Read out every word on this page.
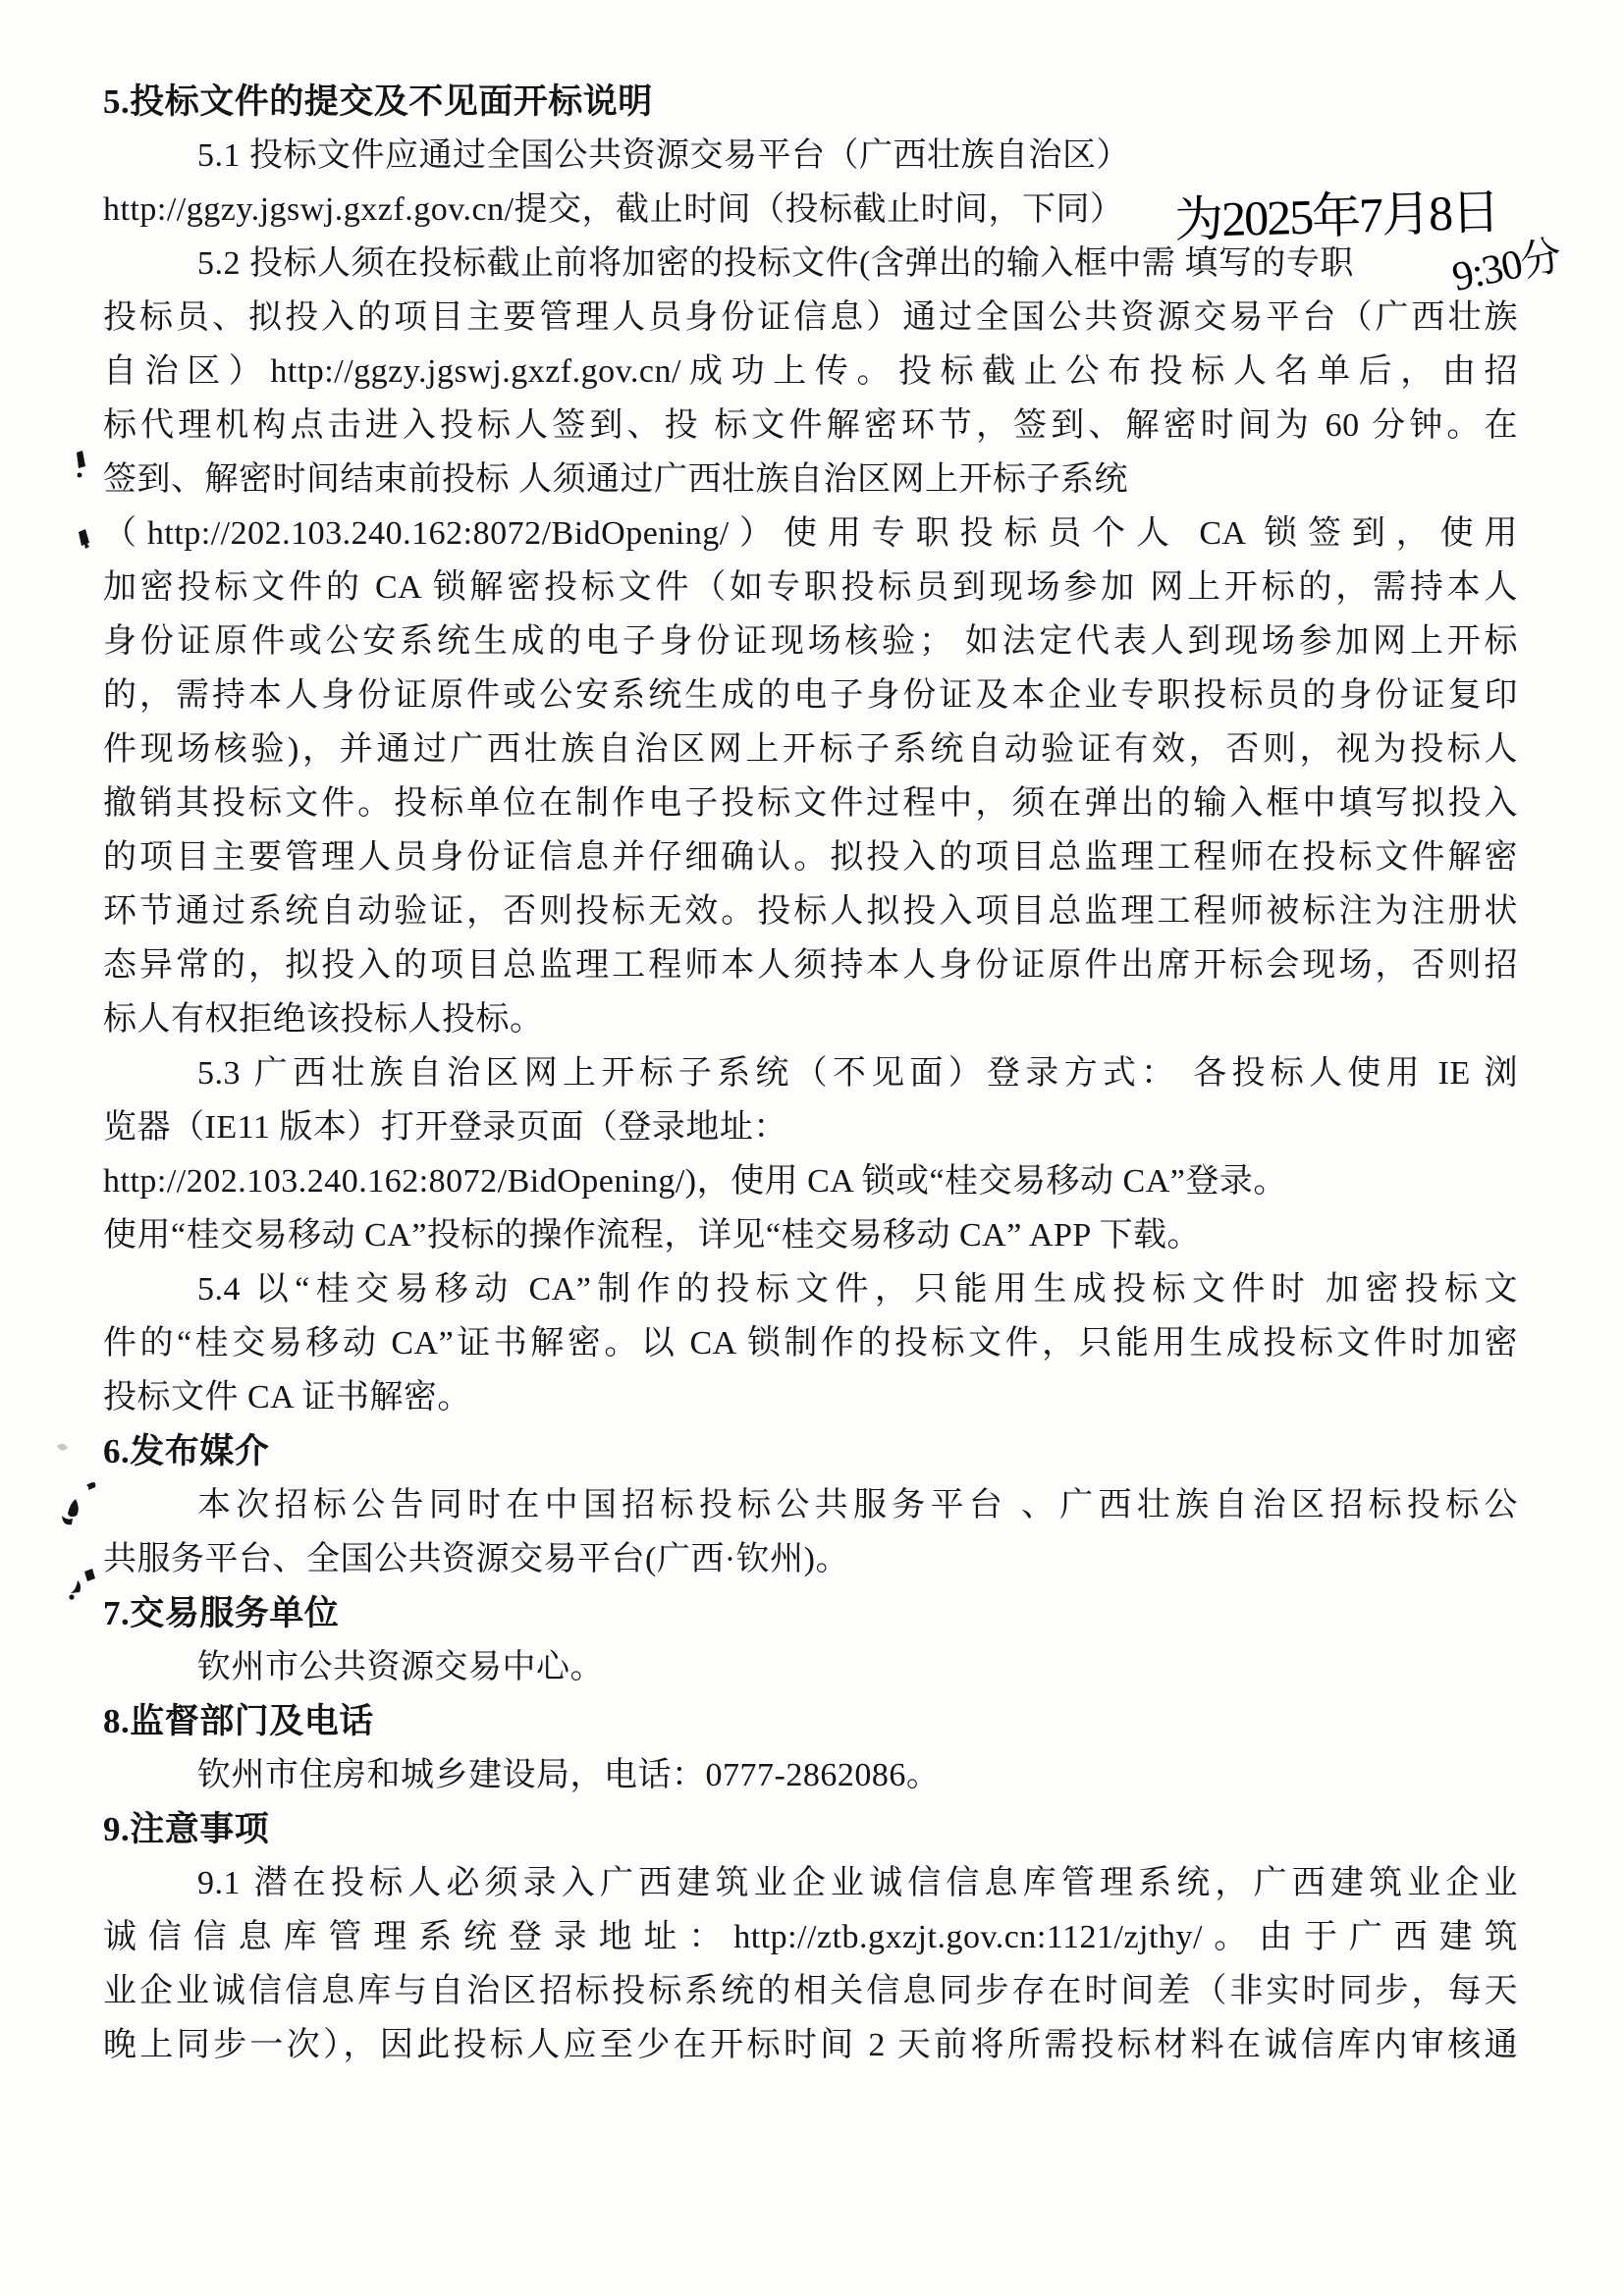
5.投标文件的提交及不见面开标说明
5.1 投标文件应通过全国公共资源交易平台（广西壮族自治区）
http://ggzy.jgswj.gxzf.gov.cn/提交，截止时间（投标截止时间，下同）
5.2 投标人须在投标截止前将加密的投标文件(含弹出的输入框中需 填写的专职
投标员、拟投入的项目主要管理人员身份证信息）通过全国公共资源交易平台（广西壮族
自治区）http://ggzy.jgswj.gxzf.gov.cn/成功上传。投标截止公布投标人名单后，由招
标代理机构点击进入投标人签到、投 标文件解密环节，签到、解密时间为 60 分钟。在
签到、解密时间结束前投标 人须通过广西壮族自治区网上开标子系统
（http://202.103.240.162:8072/BidOpening/）使用专职投标员个人 CA 锁签到，使用
加密投标文件的 CA 锁解密投标文件（如专职投标员到现场参加 网上开标的，需持本人
身份证原件或公安系统生成的电子身份证现场核验； 如法定代表人到现场参加网上开标
的，需持本人身份证原件或公安系统生成的电子身份证及本企业专职投标员的身份证复印
件现场核验)，并通过广西壮族自治区网上开标子系统自动验证有效，否则，视为投标人
撤销其投标文件。投标单位在制作电子投标文件过程中，须在弹出的输入框中填写拟投入
的项目主要管理人员身份证信息并仔细确认。拟投入的项目总监理工程师在投标文件解密
环节通过系统自动验证，否则投标无效。投标人拟投入项目总监理工程师被标注为注册状
态异常的，拟投入的项目总监理工程师本人须持本人身份证原件出席开标会现场，否则招
标人有权拒绝该投标人投标。
5.3 广西壮族自治区网上开标子系统（不见面）登录方式： 各投标人使用 IE 浏
览器（IE11 版本）打开登录页面（登录地址：
http://202.103.240.162:8072/BidOpening/)，使用 CA 锁或“桂交易移动 CA”登录。
使用“桂交易移动 CA”投标的操作流程，详见“桂交易移动 CA” APP 下载。
5.4 以“桂交易移动 CA”制作的投标文件，只能用生成投标文件时 加密投标文
件的“桂交易移动 CA”证书解密。以 CA 锁制作的投标文件，只能用生成投标文件时加密
投标文件 CA 证书解密。
6.发布媒介
本次招标公告同时在中国招标投标公共服务平台 、广西壮族自治区招标投标公
共服务平台、全国公共资源交易平台(广西·钦州)。
7.交易服务单位
钦州市公共资源交易中心。
8.监督部门及电话
钦州市住房和城乡建设局，电话：0777-2862086。
9.注意事项
9.1 潜在投标人必须录入广西建筑业企业诚信信息库管理系统，广西建筑业企业
诚信信息库管理系统登录地址：http://ztb.gxzjt.gov.cn:1121/zjthy/。由于广西建筑
业企业诚信信息库与自治区招标投标系统的相关信息同步存在时间差（非实时同步，每天
晚上同步一次），因此投标人应至少在开标时间 2 天前将所需投标材料在诚信库内审核通
为2025年7月8日
9:30分
